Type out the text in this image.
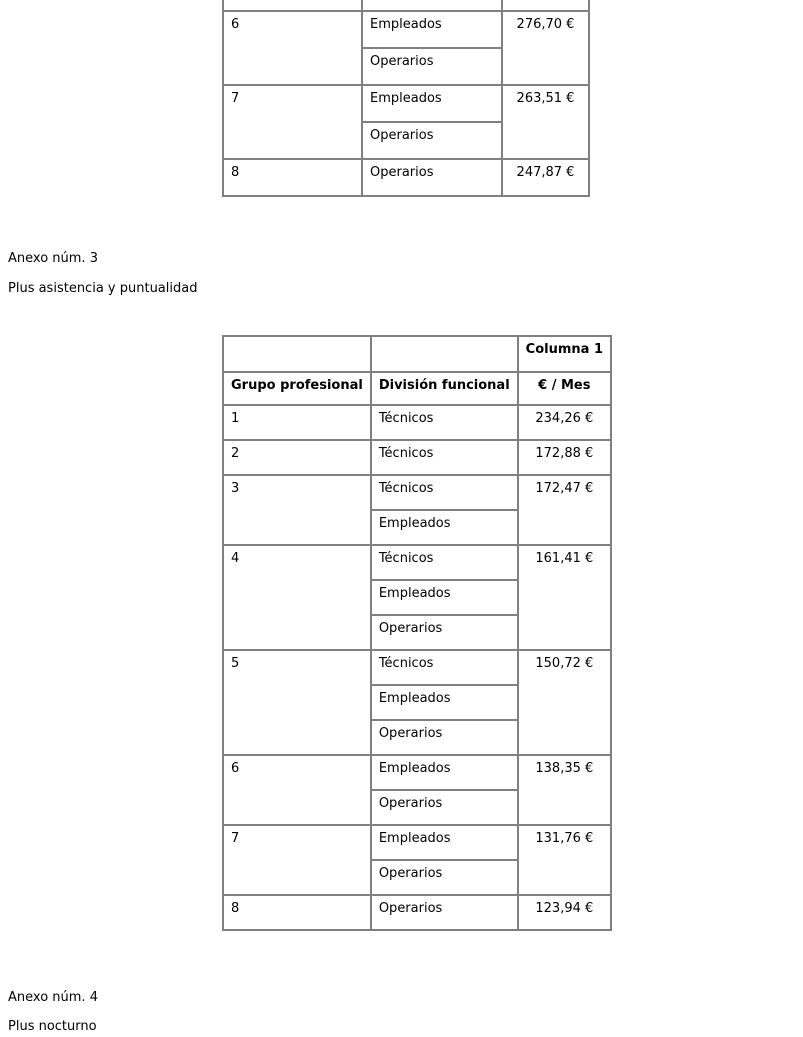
6	Empleados	276,70 €
	Operarios	
7	Empleados	263,51 €
	Operarios	
8	Operarios	247,87 €

Anexo núm. 3

Plus asistencia y puntualidad

		Columna 1
Grupo profesional	División funcional	€ / Mes
1	Técnicos	234,26 €
2	Técnicos	172,88 €
3	Técnicos	172,47 €
	Empleados	
4	Técnicos	161,41 €
	Empleados	
	Operarios	
5	Técnicos	150,72 €
	Empleados	
	Operarios	
6	Empleados	138,35 €
	Operarios	
7	Empleados	131,76 €
	Operarios	
8	Operarios	123,94 €

Anexo núm. 4

Plus nocturno
